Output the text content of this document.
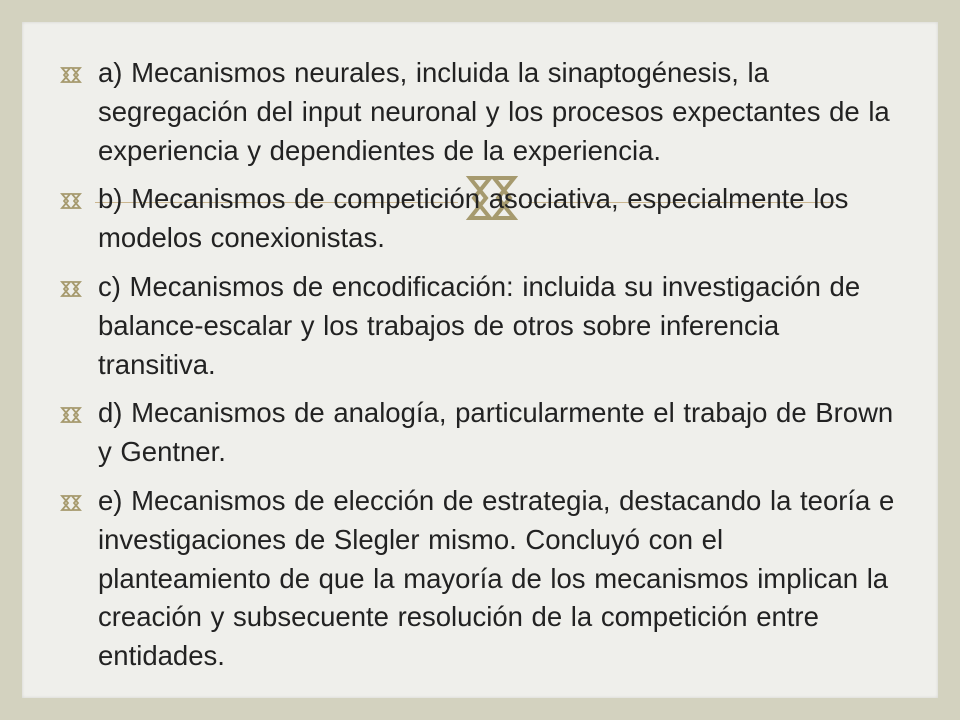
a) Mecanismos neurales, incluida la sinaptogénesis, la segregación del input neuronal y los procesos expectantes de la experiencia y dependientes de la experiencia.
b) Mecanismos de competición asociativa, especialmente los modelos conexionistas.
c) Mecanismos de encodificación: incluida su investigación de balance-escalar y los trabajos de otros sobre inferencia transitiva.
d) Mecanismos de analogía, particularmente el trabajo de Brown y Gentner.
e) Mecanismos de elección de estrategia, destacando la teoría e investigaciones de Slegler mismo. Concluyó con el planteamiento de que la mayoría de los mecanismos implican la creación y subsecuente resolución de la competición entre entidades.
